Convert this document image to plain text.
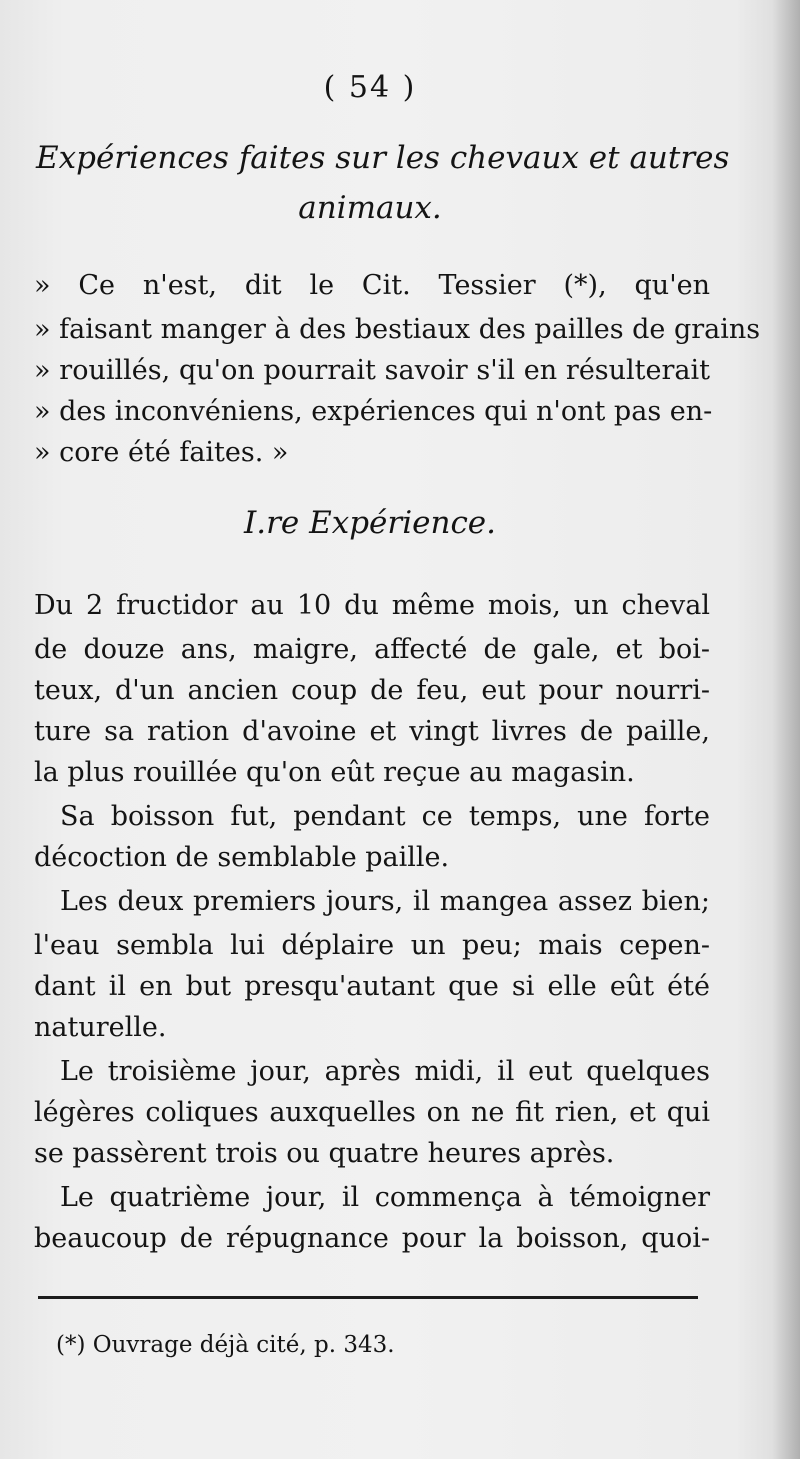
( 54 )
Expériences faites sur les chevaux et autres
animaux.
» Ce n'est, dit le Cit. Tessier (*), qu'en
» faisant manger à des bestiaux des pailles de grains
» rouillés, qu'on pourrait savoir s'il en résulterait
» des inconvéniens, expériences qui n'ont pas en-
» core été faites. »
I.re Expérience.
Du 2 fructidor au 10 du même mois, un cheval
de douze ans, maigre, affecté de gale, et boi-
teux, d'un ancien coup de feu, eut pour nourri-
ture sa ration d'avoine et vingt livres de paille,
la plus rouillée qu'on eût reçue au magasin.
Sa boisson fut, pendant ce temps, une forte
décoction de semblable paille.
Les deux premiers jours, il mangea assez bien;
l'eau sembla lui déplaire un peu; mais cepen-
dant il en but presqu'autant que si elle eût été
naturelle.
Le troisième jour, après midi, il eut quelques
légères coliques auxquelles on ne fit rien, et qui
se passèrent trois ou quatre heures après.
Le quatrième jour, il commença à témoigner
beaucoup de répugnance pour la boisson, quoi-
(*) Ouvrage déjà cité, p. 343.
